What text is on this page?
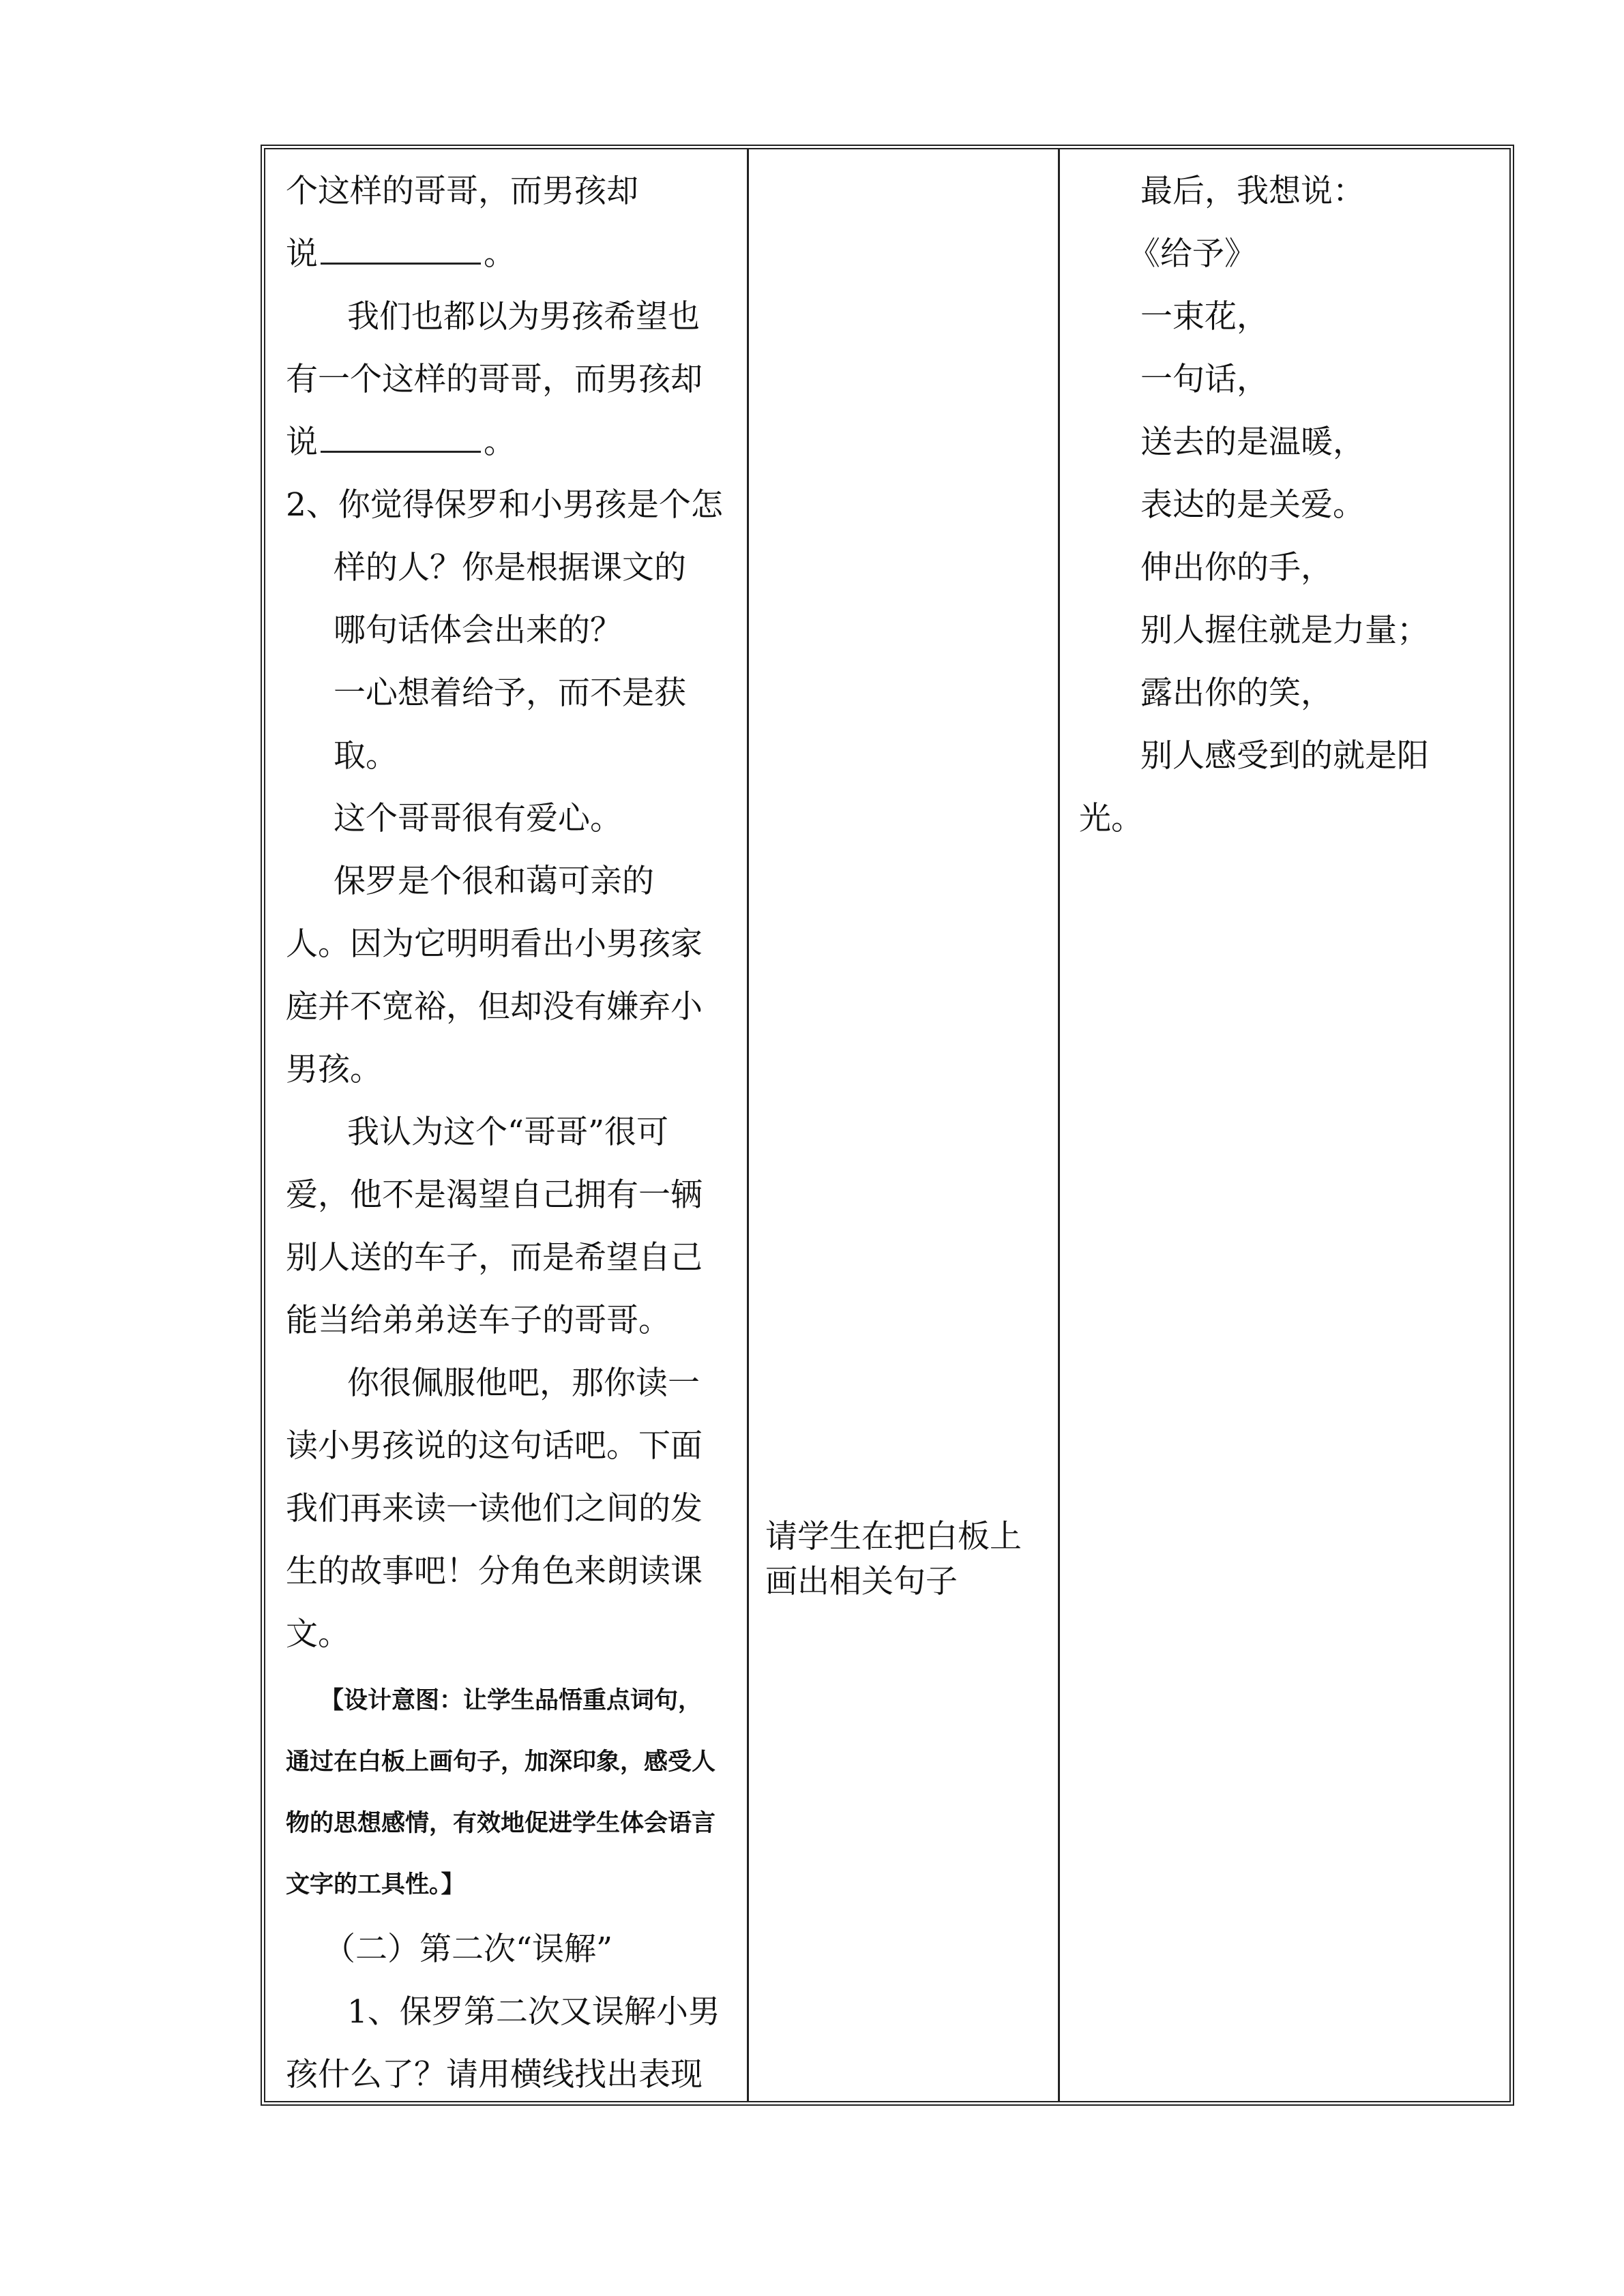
个这样的哥哥，而男孩却
说	。
我们也都以为男孩希望也
有一个这样的哥哥，而男孩却
说	。
2、你觉得保罗和小男孩是个怎
样的人？你是根据课文的
哪句话体会出来的？
一心想着给予，而不是获
取。
这个哥哥很有爱心。
保罗是个很和蔼可亲的
人。因为它明明看出小男孩家
庭并不宽裕，但却没有嫌弃小
男孩。
我认为这个“哥哥”很可
爱，他不是渴望自己拥有一辆
别人送的车子，而是希望自己
能当给弟弟送车子的哥哥。
你很佩服他吧，那你读一
读小男孩说的这句话吧。下面
我们再来读一读他们之间的发
生的故事吧！分角色来朗读课
文。
【设计意图：让学生品悟重点词句，
通过在白板上画句子，加深印象，感受人
物的思想感情，有效地促进学生体会语言
文字的工具性。】
（二）第二次“误解”
1、保罗第二次又误解小男
孩什么了？请用横线找出表现
请学生在把白板上
画出相关句子
最后，我想说：
《给予》
一束花，
一句话，
送去的是温暖，
表达的是关爱。
伸出你的手，
别人握住就是力量；
露出你的笑，
别人感受到的就是阳
光。
